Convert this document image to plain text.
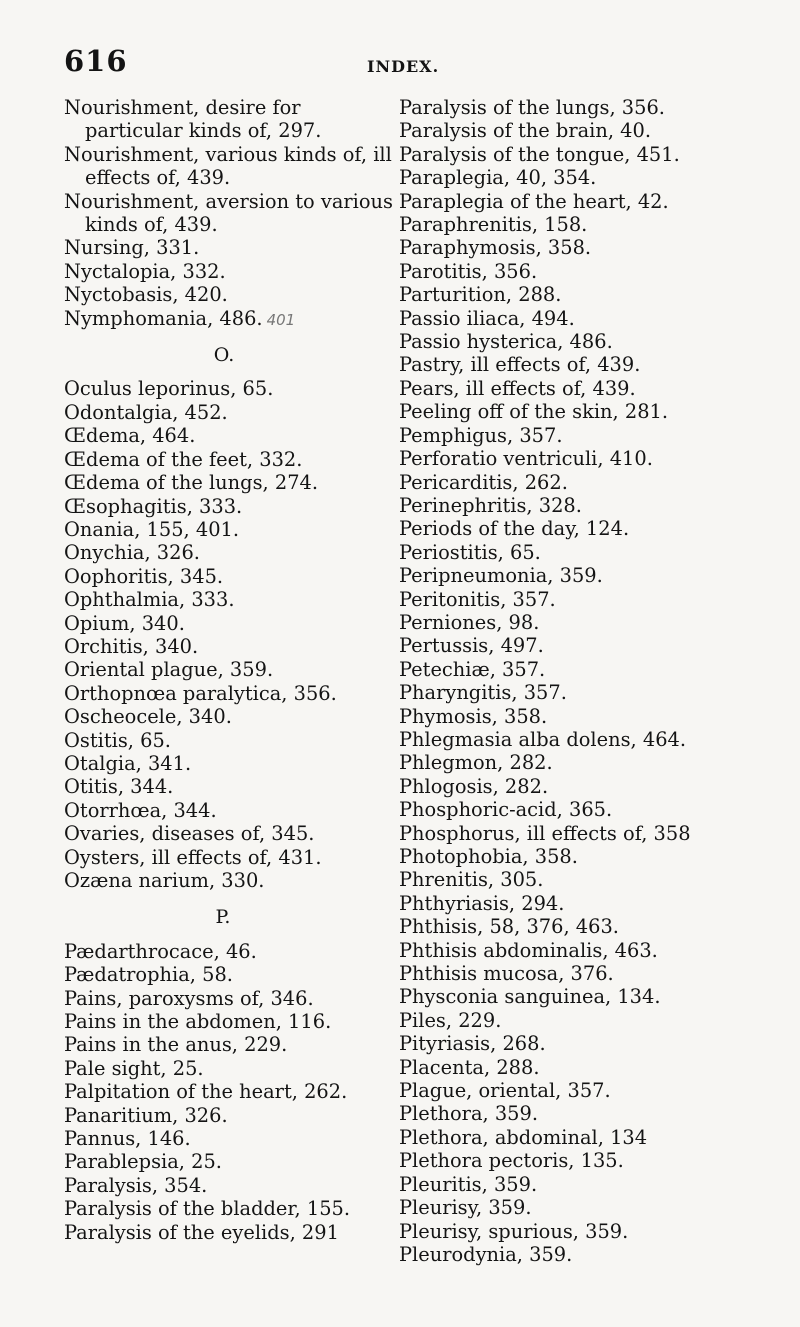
616	INDEX.
Nourishment, desire for particular kinds of, 297.
Nourishment, various kinds of, ill effects of, 439.
Nourishment, aversion to various kinds of, 439.
Nursing, 331.
Nyctalopia, 332.
Nyctobasis, 420.
Nymphomania, 486. 401
O.
Oculus leporinus, 65.
Odontalgia, 452.
Œdema, 464.
Œdema of the feet, 332.
Œdema of the lungs, 274.
Œsophagitis, 333.
Onania, 155, 401.
Onychia, 326.
Oophoritis, 345.
Ophthalmia, 333.
Opium, 340.
Orchitis, 340.
Oriental plague, 359.
Orthopnœa paralytica, 356.
Oscheocele, 340.
Ostitis, 65.
Otalgia, 341.
Otitis, 344.
Otorrhœa, 344.
Ovaries, diseases of, 345.
Oysters, ill effects of, 431.
Ozæna narium, 330.
P.
Pædarthrocace, 46.
Pædatrophia, 58.
Pains, paroxysms of, 346.
Pains in the abdomen, 116.
Pains in the anus, 229.
Pale sight, 25.
Palpitation of the heart, 262.
Panaritium, 326.
Pannus, 146.
Parablepsia, 25.
Paralysis, 354.
Paralysis of the bladder, 155.
Paralysis of the eyelids, 291
Paralysis of the lungs, 356.
Paralysis of the brain, 40.
Paralysis of the tongue, 451.
Paraplegia, 40, 354.
Paraplegia of the heart, 42.
Paraphrenitis, 158.
Paraphymosis, 358.
Parotitis, 356.
Parturition, 288.
Passio iliaca, 494.
Passio hysterica, 486.
Pastry, ill effects of, 439.
Pears, ill effects of, 439.
Peeling off of the skin, 281.
Pemphigus, 357.
Perforatio ventriculi, 410.
Pericarditis, 262.
Perinephritis, 328.
Periods of the day, 124.
Periostitis, 65.
Peripneumonia, 359.
Peritonitis, 357.
Perniones, 98.
Pertussis, 497.
Petechiæ, 357.
Pharyngitis, 357.
Phymosis, 358.
Phlegmasia alba dolens, 464.
Phlegmon, 282.
Phlogosis, 282.
Phosphoric-acid, 365.
Phosphorus, ill effects of, 358
Photophobia, 358.
Phrenitis, 305.
Phthyriasis, 294.
Phthisis, 58, 376, 463.
Phthisis abdominalis, 463.
Phthisis mucosa, 376.
Physconia sanguinea, 134.
Piles, 229.
Pityriasis, 268.
Placenta, 288.
Plague, oriental, 357.
Plethora, 359.
Plethora, abdominal, 134
Plethora pectoris, 135.
Pleuritis, 359.
Pleurisy, 359.
Pleurisy, spurious, 359.
Pleurodynia, 359.
